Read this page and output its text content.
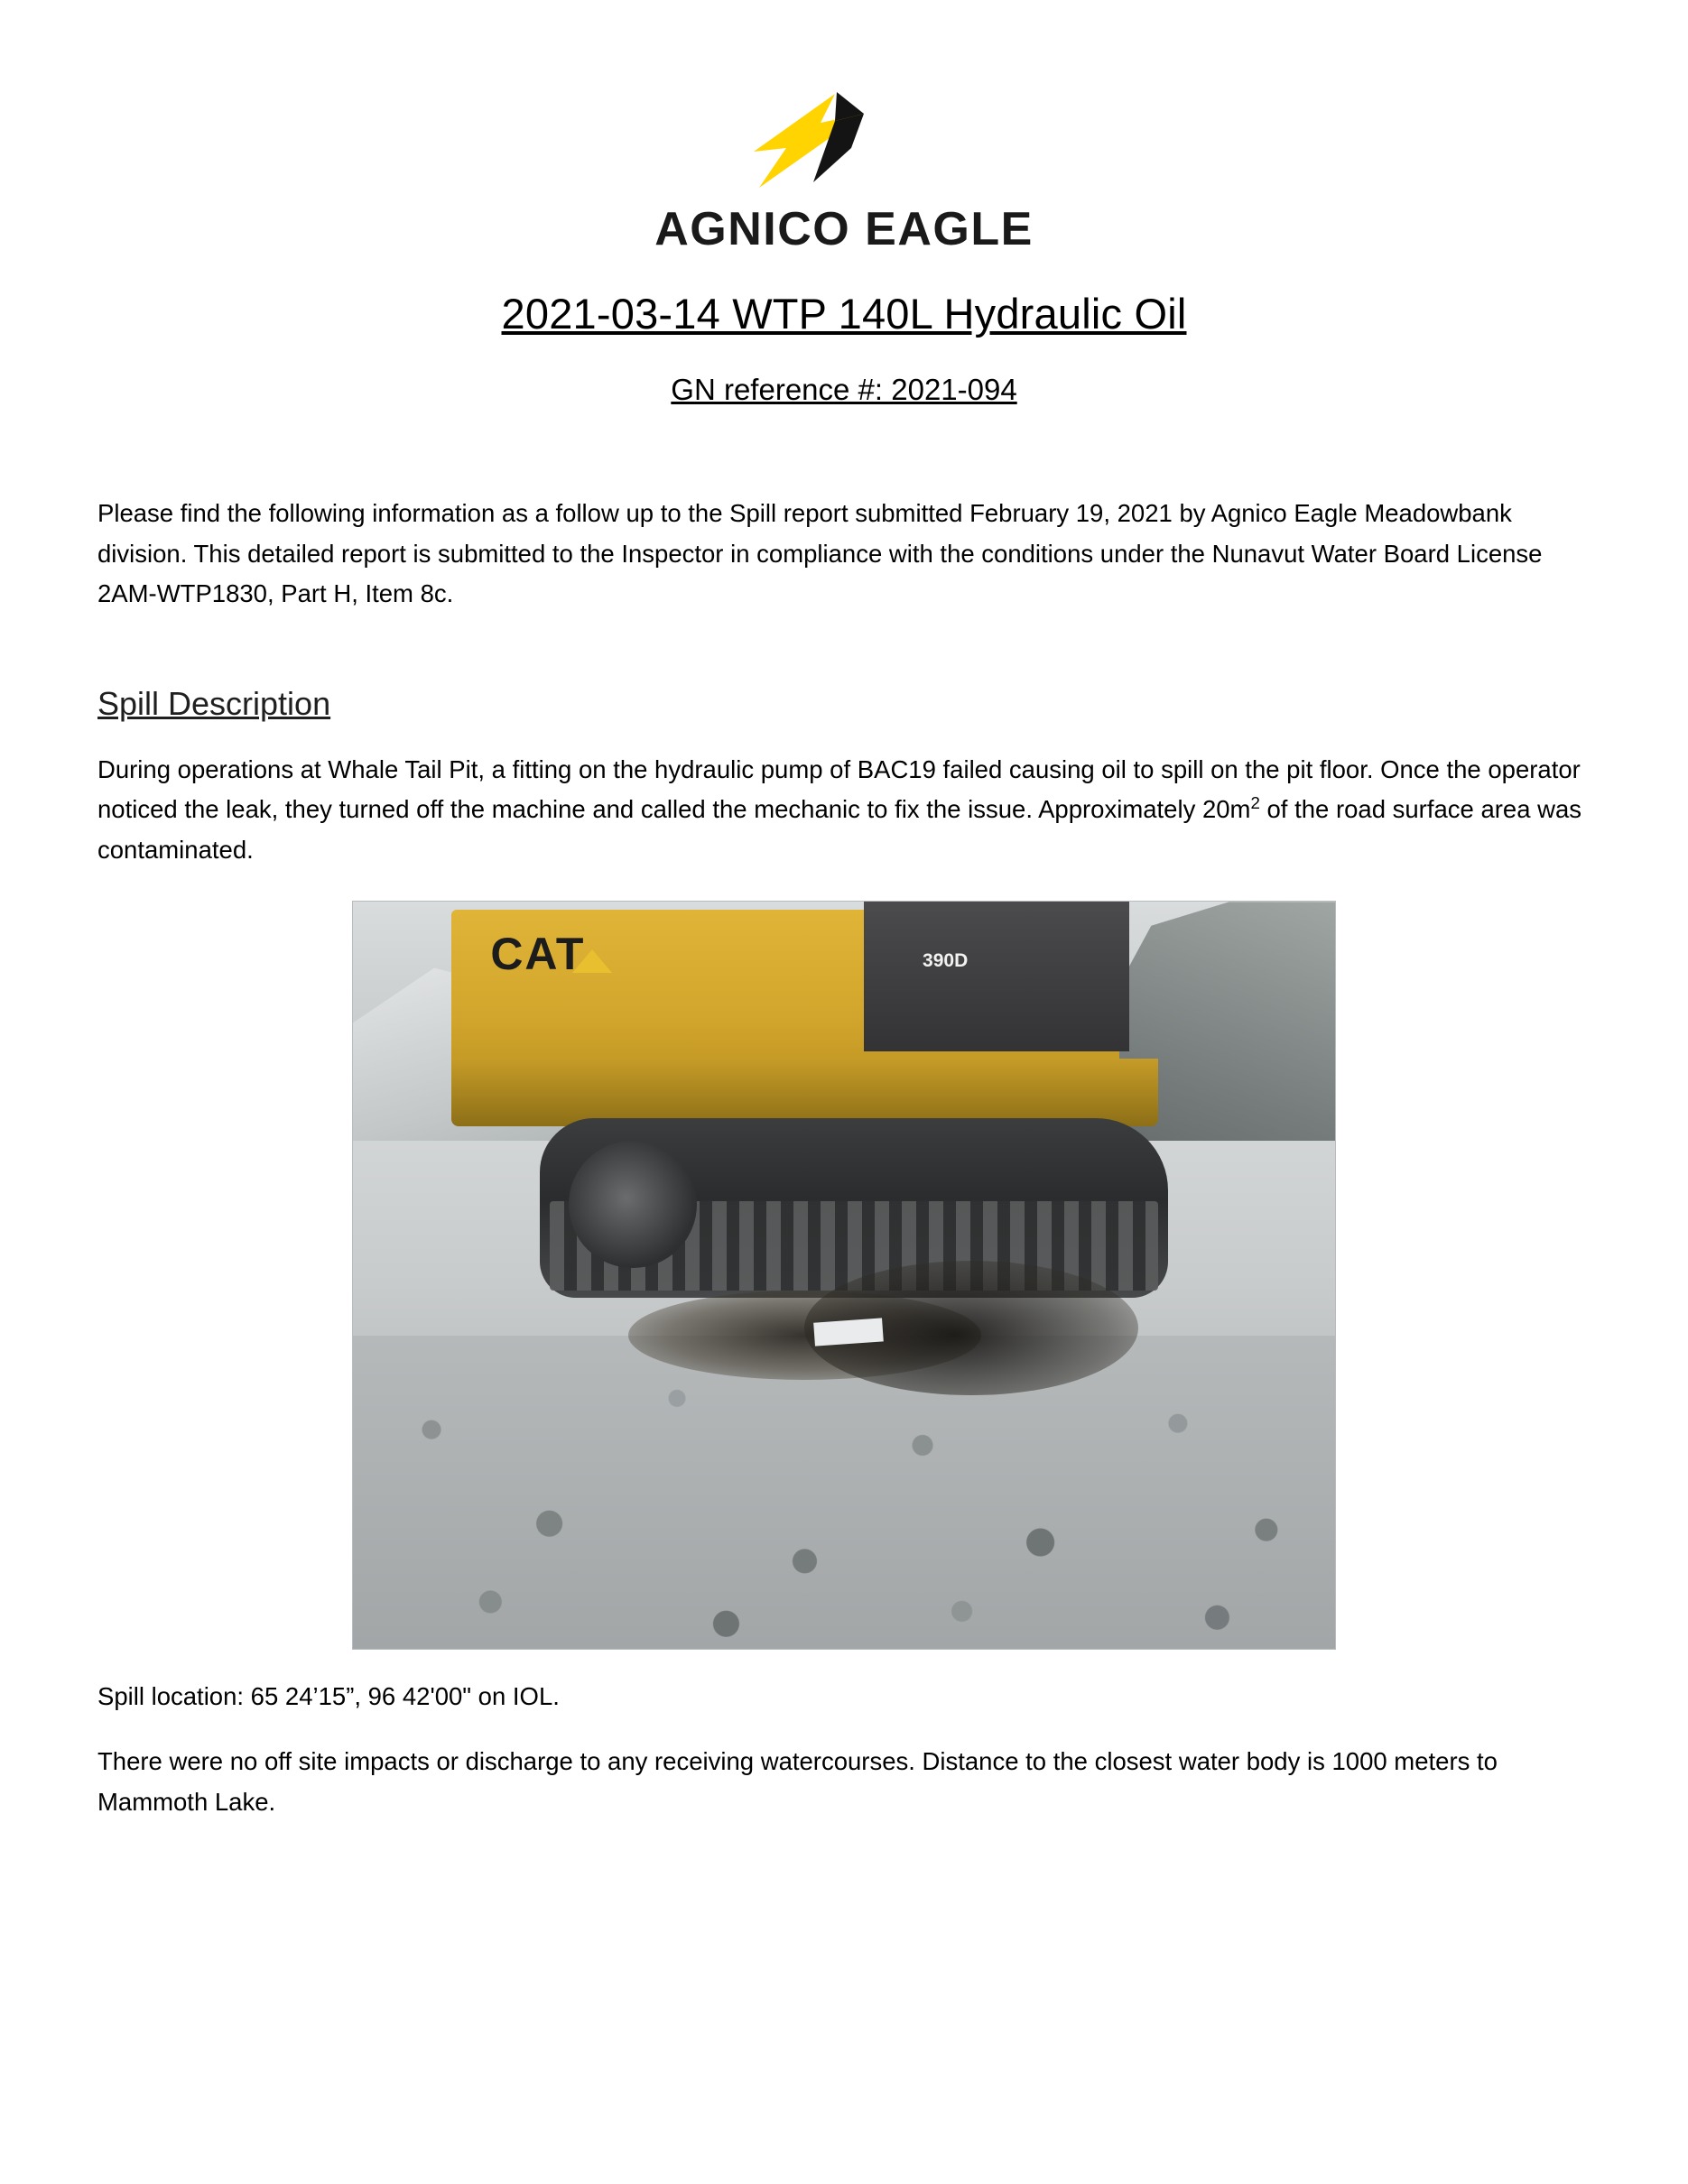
AGNICO EAGLE
2021-03-14 WTP 140L Hydraulic Oil
GN reference #: 2021-094

Please find the following information as a follow up to the Spill report submitted February 19, 2021 by Agnico Eagle Meadowbank division. This detailed report is submitted to the Inspector in compliance with the conditions under the Nunavut Water Board License 2AM-WTP1830, Part H, Item 8c.

Spill Description

During operations at Whale Tail Pit, a fitting on the hydraulic pump of BAC19 failed causing oil to spill on the pit floor. Once the operator noticed the leak, they turned off the machine and called the mechanic to fix the issue. Approximately $20m^2$ of the road surface area was contaminated.

CAT	390D

Spill location: 65 24’15”, 96 42'00" on IOL.

There were no off site impacts or discharge to any receiving watercourses. Distance to the closest water body is 1000 meters to Mammoth Lake.
